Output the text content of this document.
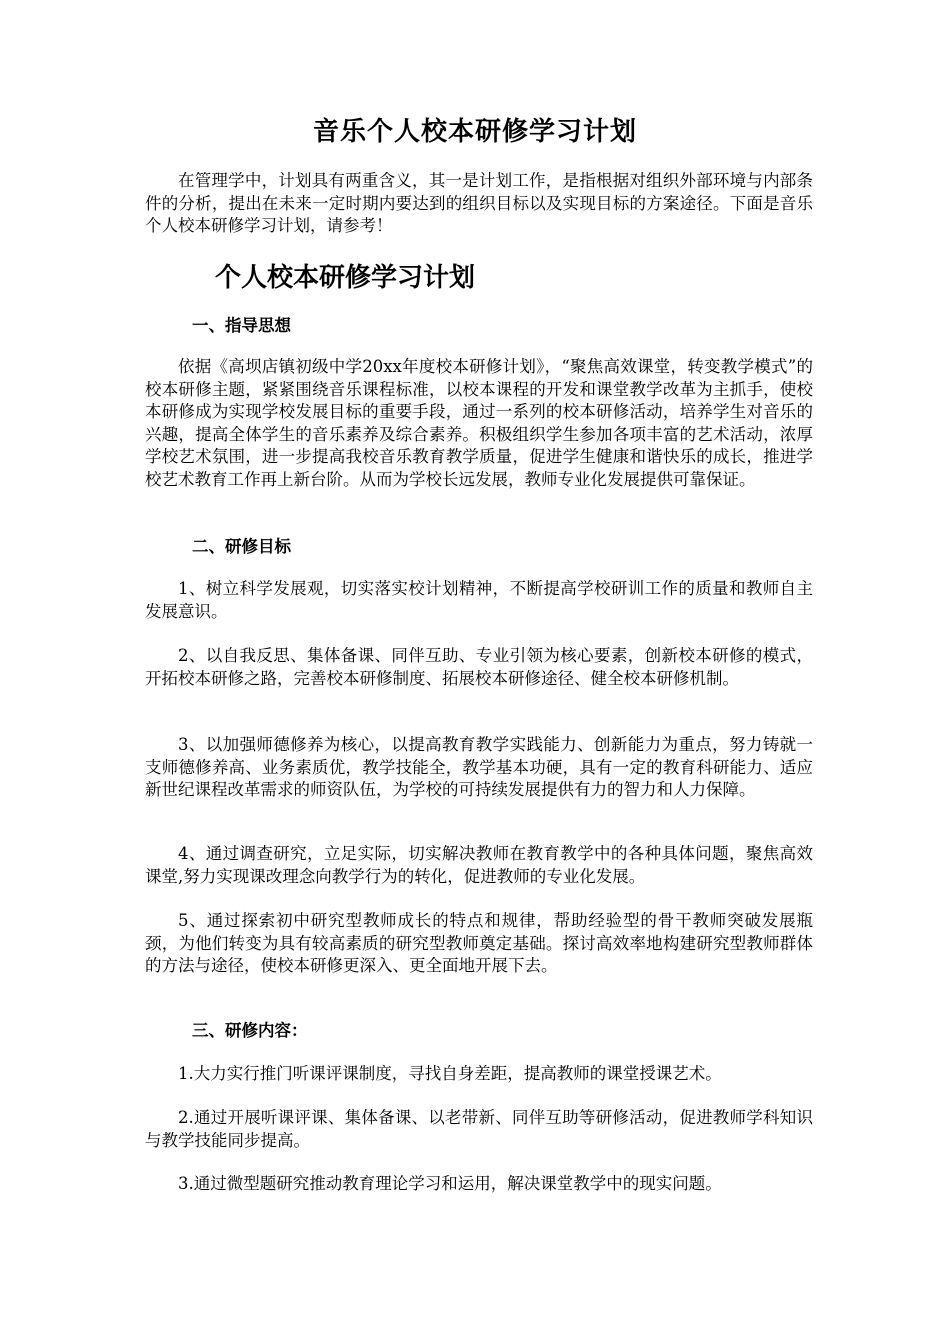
音乐个人校本研修学习计划

在管理学中，计划具有两重含义，其一是计划工作，是指根据对组织外部环境与内部条件的分析，提出在未来一定时期内要达到的组织目标以及实现目标的方案途径。下面是音乐个人校本研修学习计划，请参考！

个人校本研修学习计划
一、指导思想

依据《高坝店镇初级中学20xx年度校本研修计划》，“聚焦高效课堂，转变教学模式”的校本研修主题，紧紧围绕音乐课程标准，以校本课程的开发和课堂教学改革为主抓手，使校本研修成为实现学校发展目标的重要手段，通过一系列的校本研修活动，培养学生对音乐的兴趣，提高全体学生的音乐素养及综合素养。积极组织学生参加各项丰富的艺术活动，浓厚学校艺术氛围，进一步提高我校音乐教育教学质量，促进学生健康和谐快乐的成长，推进学校艺术教育工作再上新台阶。从而为学校长远发展，教师专业化发展提供可靠保证。

二、研修目标

1、树立科学发展观，切实落实校计划精神，不断提高学校研训工作的质量和教师自主发展意识。

2、以自我反思、集体备课、同伴互助、专业引领为核心要素，创新校本研修的模式，开拓校本研修之路，完善校本研修制度、拓展校本研修途径、健全校本研修机制。

3、以加强师德修养为核心，以提高教育教学实践能力、创新能力为重点，努力铸就一支师德修养高、业务素质优，教学技能全，教学基本功硬，具有一定的教育科研能力、适应新世纪课程改革需求的师资队伍，为学校的可持续发展提供有力的智力和人力保障。

4、通过调查研究，立足实际，切实解决教师在教育教学中的各种具体问题，聚焦高效课堂,努力实现课改理念向教学行为的转化，促进教师的专业化发展。

5、通过探索初中研究型教师成长的特点和规律，帮助经验型的骨干教师突破发展瓶颈，为他们转变为具有较高素质的研究型教师奠定基础。探讨高效率地构建研究型教师群体的方法与途径，使校本研修更深入、更全面地开展下去。

三、研修内容：

1.大力实行推门听课评课制度，寻找自身差距，提高教师的课堂授课艺术。

2.通过开展听课评课、集体备课、以老带新、同伴互助等研修活动，促进教师学科知识与教学技能同步提高。

3.通过微型题研究推动教育理论学习和运用，解决课堂教学中的现实问题。
